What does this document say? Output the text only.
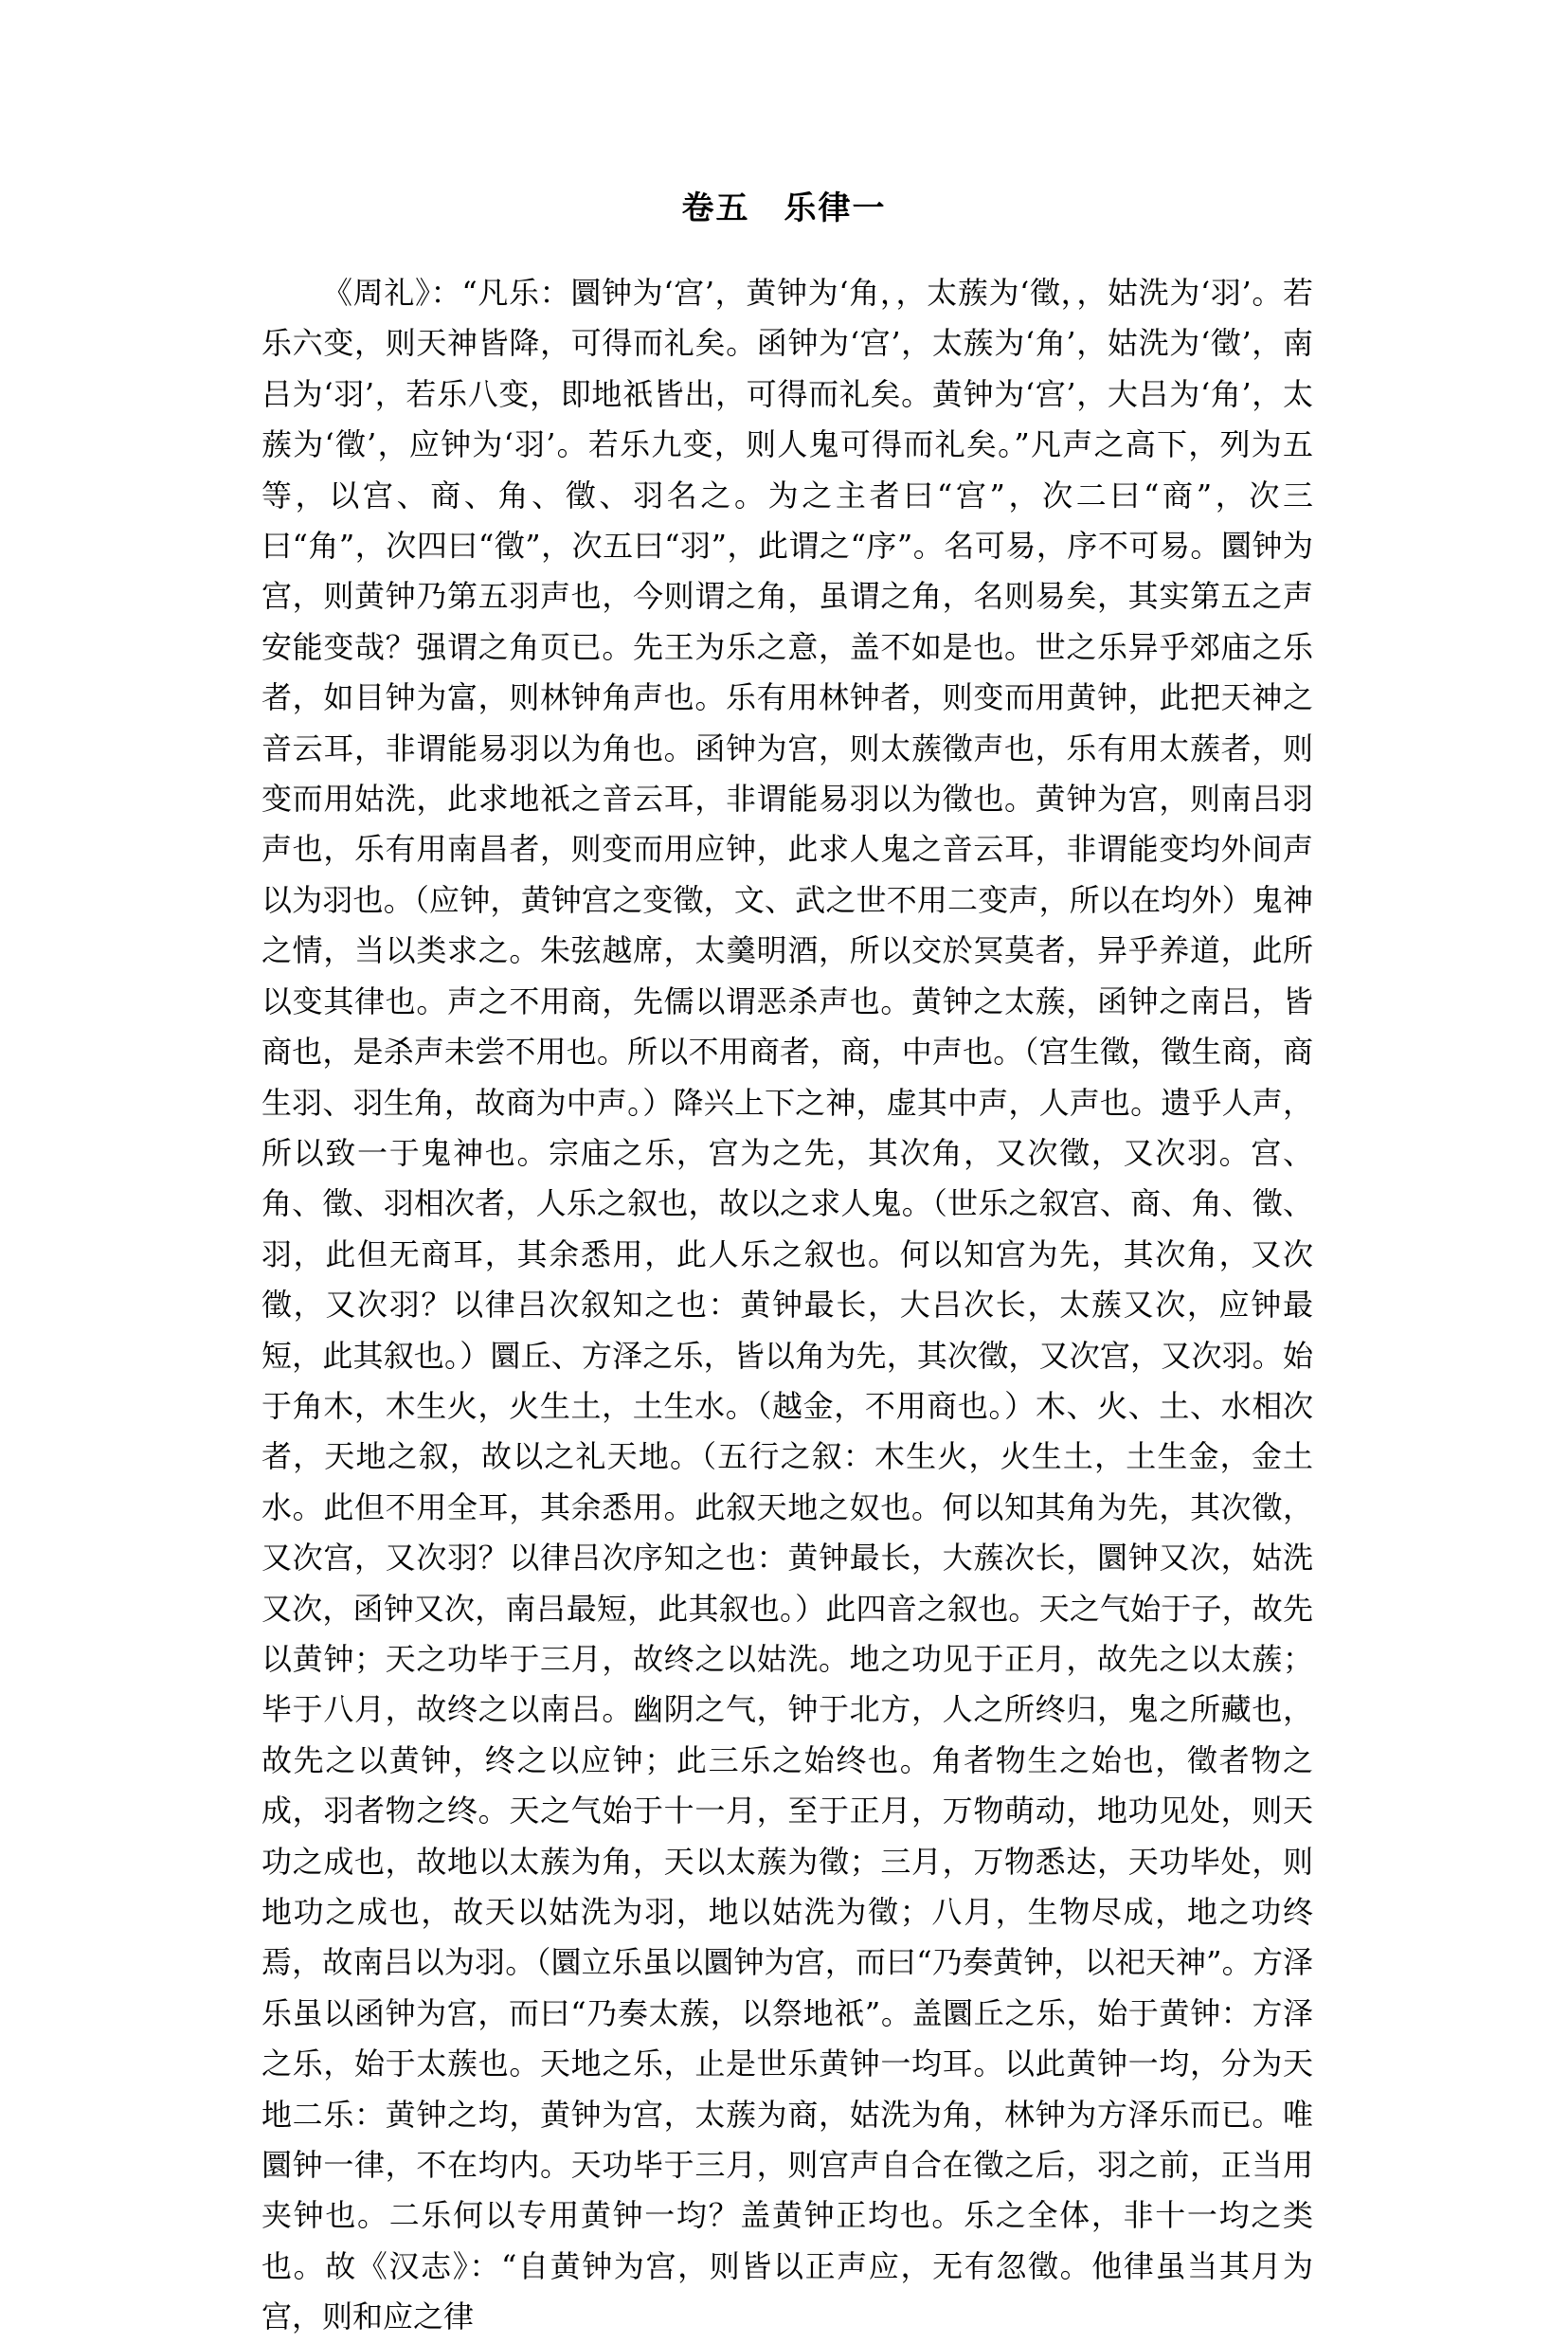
卷五　乐律一

《周礼》：“凡乐：圜钟为‘宫’，黄钟为‘角，，太蔟为‘徵，，姑洗为‘羽’。若乐六变，则天神皆降，可得而礼矣。函钟为‘宫’，太蔟为‘角’，姑洗为‘徵’，南吕为‘羽’，若乐八变，即地祇皆出，可得而礼矣。黄钟为‘宫’，大吕为‘角’，太蔟为‘徵’，应钟为‘羽’。若乐九变，则人鬼可得而礼矣。”凡声之高下，列为五等，以宫、商、角、徵、羽名之。为之主者曰“宫”，次二曰“商”，次三曰“角”，次四曰“徵”，次五曰“羽”，此谓之“序”。名可易，序不可易。圜钟为宫，则黄钟乃第五羽声也，今则谓之角，虽谓之角，名则易矣，其实第五之声安能变哉？强谓之角页已。先王为乐之意，盖不如是也。世之乐异乎郊庙之乐者，如目钟为富，则林钟角声也。乐有用林钟者，则变而用黄钟，此把天神之音云耳，非谓能易羽以为角也。函钟为宫，则太蔟徵声也，乐有用太蔟者，则变而用姑洗，此求地祇之音云耳，非谓能易羽以为徵也。黄钟为宫，则南吕羽声也，乐有用南昌者，则变而用应钟，此求人鬼之音云耳，非谓能变均外间声以为羽也。（应钟，黄钟宫之变徵，文、武之世不用二变声，所以在均外）鬼神之情，当以类求之。朱弦越席，太羹明酒，所以交於冥莫者，异乎养道，此所以变其律也。声之不用商，先儒以谓恶杀声也。黄钟之太蔟，函钟之南吕，皆商也，是杀声未尝不用也。所以不用商者，商，中声也。（宫生徵，徵生商，商生羽、羽生角，故商为中声。）降兴上下之神，虚其中声，人声也。遗乎人声，所以致一于鬼神也。宗庙之乐，宫为之先，其次角，又次徵，又次羽。宫、角、徵、羽相次者，人乐之叙也，故以之求人鬼。（世乐之叙宫、商、角、徵、羽，此但无商耳，其余悉用，此人乐之叙也。何以知宫为先，其次角，又次徵，又次羽？以律吕次叙知之也：黄钟最长，大吕次长，太蔟又次，应钟最短，此其叙也。）圜丘、方泽之乐，皆以角为先，其次徵，又次宫，又次羽。始于角木，木生火，火生土，土生水。（越金，不用商也。）木、火、土、水相次者，天地之叙，故以之礼天地。（五行之叙：木生火，火生土，土生金，金土水。此但不用全耳，其余悉用。此叙天地之奴也。何以知其角为先，其次徵，又次宫，又次羽？以律吕次序知之也：黄钟最长，大蔟次长，圜钟又次，姑洗又次，函钟又次，南吕最短，此其叙也。）此四音之叙也。天之气始于子，故先以黄钟；天之功毕于三月，故终之以姑洗。地之功见于正月，故先之以太蔟；毕于八月，故终之以南吕。幽阴之气，钟于北方，人之所终归，鬼之所藏也，故先之以黄钟，终之以应钟；此三乐之始终也。角者物生之始也，徵者物之成，羽者物之终。天之气始于十一月，至于正月，万物萌动，地功见处，则天功之成也，故地以太蔟为角，天以太蔟为徵；三月，万物悉达，天功毕处，则地功之成也，故天以姑洗为羽，地以姑洗为徵；八月，生物尽成，地之功终焉，故南吕以为羽。（圜立乐虽以圜钟为宫，而曰“乃奏黄钟，以祀天神”。方泽乐虽以函钟为宫，而曰“乃奏太蔟，以祭地祇”。盖圜丘之乐，始于黄钟：方泽之乐，始于太蔟也。天地之乐，止是世乐黄钟一均耳。以此黄钟一均，分为天地二乐：黄钟之均，黄钟为宫，太蔟为商，姑洗为角，林钟为方泽乐而已。唯圜钟一律，不在均内。天功毕于三月，则宫声自合在徵之后，羽之前，正当用夹钟也。二乐何以专用黄钟一均？盖黄钟正均也。乐之全体，非十一均之类也。故《汉志》：“自黄钟为宫，则皆以正声应，无有忽徵。他律虽当其月为宫，则和应之律
